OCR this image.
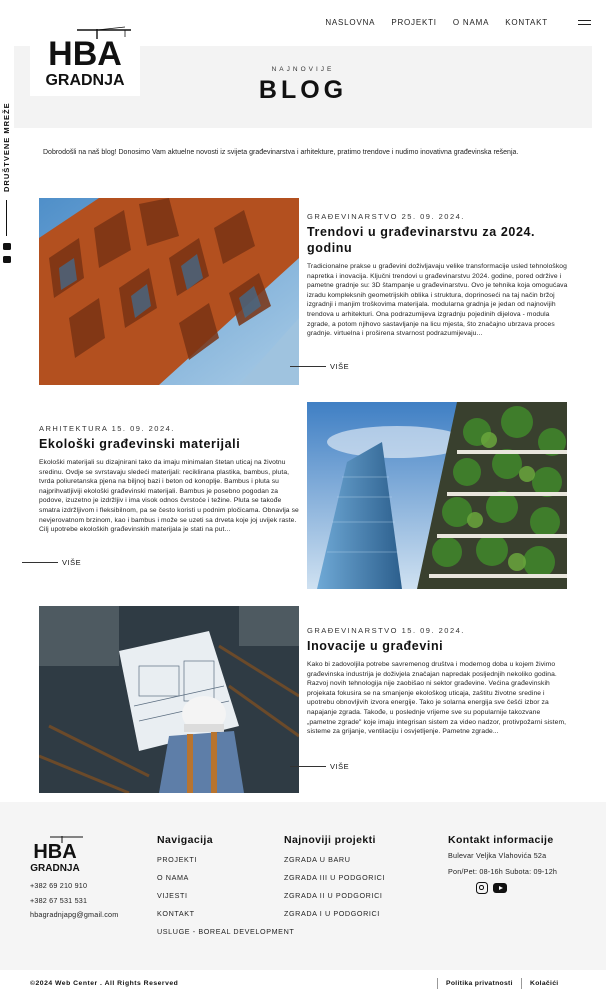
NAJNOVIJE
BLOG
HBA
GRADNJA
NASLOVNA PROJEKTI O NAMA KONTAKT
DRUŠTVENE MREŽE	Dobrodošli na naš blog! Donosimo Vam aktuelne novosti iz svijeta građevinarstva i arhitekture, pratimo trendove i nudimo inovativna građevinska rešenja.

GRAĐEVINARSTVO 25. 09. 2024.
Trendovi u građevinarstvu za 2024. godinu
Tradicionalne prakse u građevini doživljavaju velike transformacije usled tehnološkog napretka i inovacija. Ključni trendovi u građevinarstvu 2024. godine, pored održive i pametne gradnje su: 3D štampanje u građevinarstvu. Ovo je tehnika koja omogućava izradu kompleksnih geometrijskih oblika i struktura, doprinoseći na taj način bržoj izgradnji i manjim troškovima materijala. modularna gradnja je jedan od najnovijih trendova u arhitekturi. Ona podrazumijeva izgradnju pojedinih dijelova - modula zgrade, a potom njihovo sastavljanje na licu mjesta, što značajno ubrzava proces gradnje. virtuelna i proširena stvarnost podrazumijevaju...
VIŠE
ARHITEKTURA 15. 09. 2024.
Ekološki građevinski materijali
Ekološki materijali su dizajnirani tako da imaju minimalan štetan uticaj na životnu sredinu. Ovdje se svrstavaju sledeći materijali: reciklirana plastika, bambus, pluta, tvrda poliuretanska pjena na biljnoj bazi i beton od konoplje. Bambus i pluta su najprihvatljiviji ekološki građevinski materijali. Bambus je posebno pogodan za podove, izuzetno je izdržljiv i ima visok odnos čvrstoće i težine. Pluta se takođe smatra izdržljivom i fleksibilnom, pa se često koristi u podnim pločicama. Obnavlja se nevjerovatnom brzinom, kao i bambus i može se uzeti sa drveta koje joj uvijek raste. Cilj upotrebe ekoloških građevinskih materijala je stati na put...
VIŠE
GRAĐEVINARSTVO 15. 09. 2024.
Inovacije u građevini
Kako bi zadovoljila potrebe savremenog društva i modernog doba u kojem živimo građevinska industrija je doživjela značajan napredak posljednjih nekoliko godina. Razvoj novih tehnologija nije zaobišao ni sektor građevine. Većina građevinskih projekata fokusira se na smanjenje ekološkog uticaja, zaštitu životne sredine i upotrebu obnovljivih izvora energije. Tako je solarna energija sve češći izbor za napajanje zgrada. Takođe, u poslednje vrijeme sve su popularnije takozvane „pametne zgrade" koje imaju integrisan sistem za video nadzor, protivpožarni sistem, sisteme za grijanje, ventilaciju i osvjetljenje. Pametne zgrade...
VIŠE
HBA
GRADNJA
+382 69 210 910
+382 67 531 531
hbagradnjapg@gmail.com
Navigacija
PROJEKTI
O NAMA
VIJESTI
KONTAKT
USLUGE - BOREAL DEVELOPMENT
Najnoviji projekti
ZGRADA U BARU
ZGRADA III U PODGORICI
ZGRADA II U PODGORICI
ZGRADA I U PODGORICI
Kontakt informacije
Bulevar Veljka Vlahovića 52a
Pon/Pet: 08-16h Subota: 09-12h
©2024 Web Center . All Rights Reserved	Politika privatnosti	Kolačići
